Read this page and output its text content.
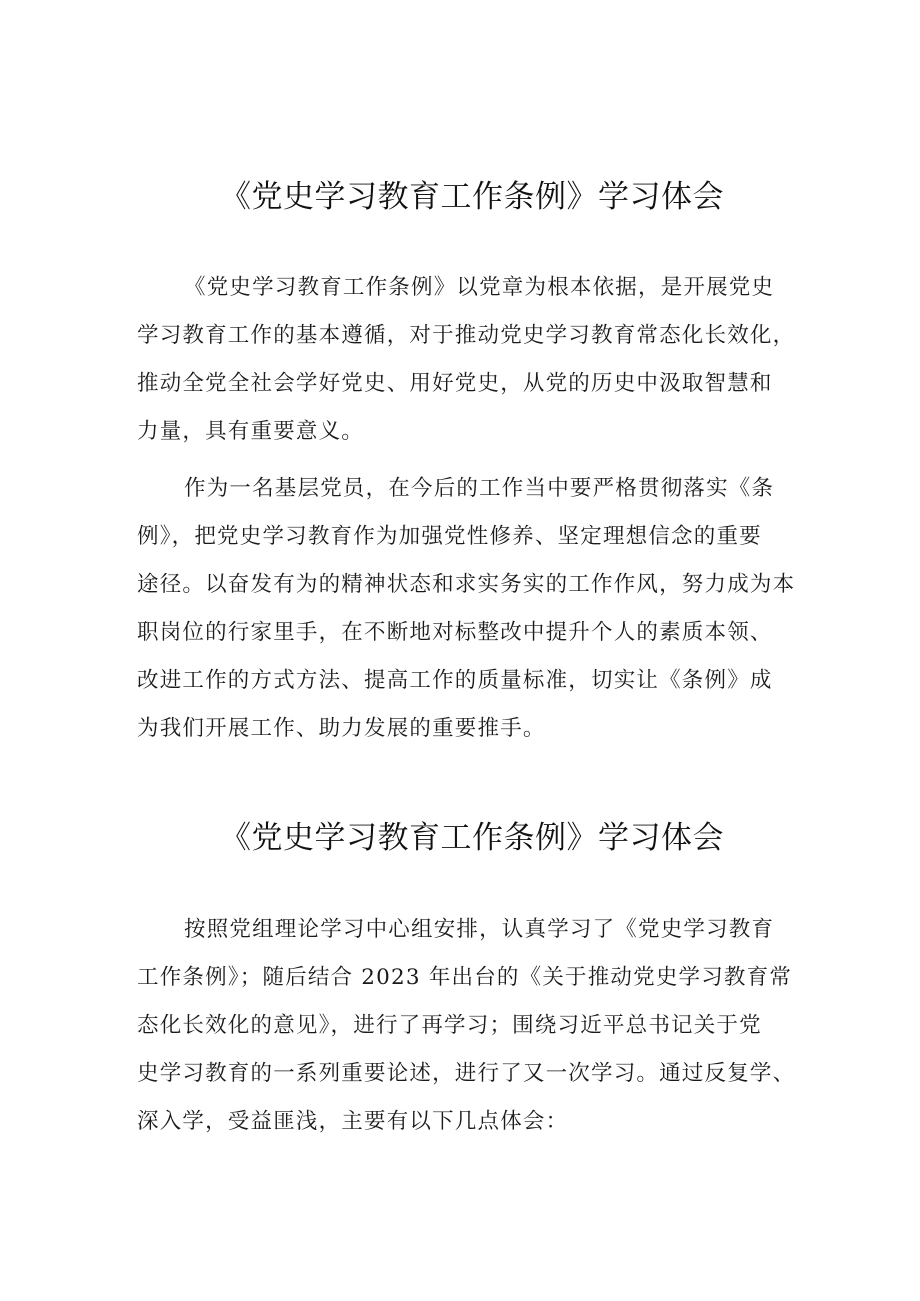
《党史学习教育工作条例》学习体会
《党史学习教育工作条例》以党章为根本依据，是开展党史
学习教育工作的基本遵循，对于推动党史学习教育常态化长效化，
推动全党全社会学好党史、用好党史，从党的历史中汲取智慧和
力量，具有重要意义。
作为一名基层党员，在今后的工作当中要严格贯彻落实《条
例》，把党史学习教育作为加强党性修养、坚定理想信念的重要
途径。以奋发有为的精神状态和求实务实的工作作风，努力成为本
职岗位的行家里手，在不断地对标整改中提升个人的素质本领、
改进工作的方式方法、提高工作的质量标准，切实让《条例》成
为我们开展工作、助力发展的重要推手。
《党史学习教育工作条例》学习体会
按照党组理论学习中心组安排，认真学习了《党史学习教育
工作条例》；随后结合 2023 年出台的《关于推动党史学习教育常
态化长效化的意见》，进行了再学习；围绕习近平总书记关于党
史学习教育的一系列重要论述，进行了又一次学习。通过反复学、
深入学，受益匪浅，主要有以下几点体会：
